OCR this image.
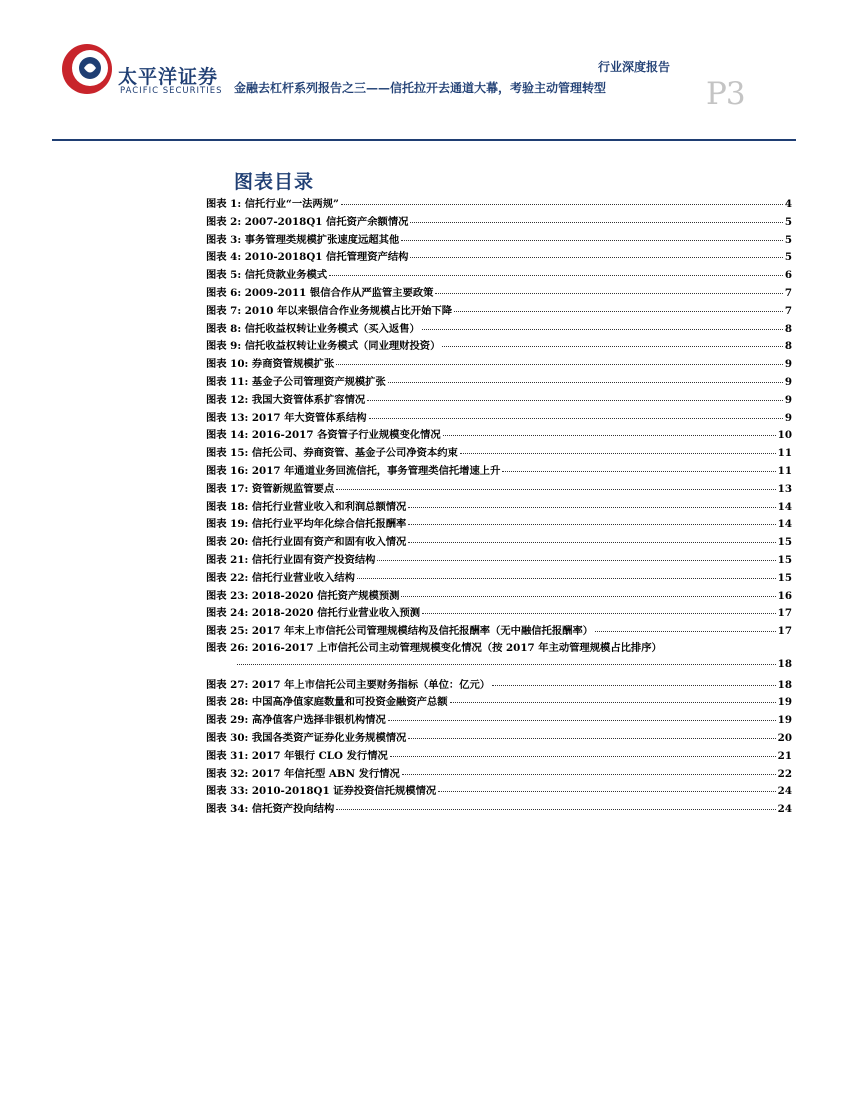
太平洋证券
PACIFIC SECURITIES
行业深度报告
金融去杠杆系列报告之三——信托拉开去通道大幕，考验主动管理转型	P3
图表目录
图表 1: 信托行业“一法两规”	4
图表 2: 2007-2018Q1 信托资产余额情况	5
图表 3: 事务管理类规模扩张速度远超其他	5
图表 4: 2010-2018Q1 信托管理资产结构	5
图表 5: 信托贷款业务模式	6
图表 6: 2009-2011 银信合作从严监管主要政策	7
图表 7: 2010 年以来银信合作业务规模占比开始下降	7
图表 8: 信托收益权转让业务模式（买入返售）	8
图表 9: 信托收益权转让业务模式（同业理财投资）	8
图表 10: 券商资管规模扩张	9
图表 11: 基金子公司管理资产规模扩张	9
图表 12: 我国大资管体系扩容情况	9
图表 13: 2017 年大资管体系结构	9
图表 14: 2016-2017 各资管子行业规模变化情况	10
图表 15: 信托公司、券商资管、基金子公司净资本约束	11
图表 16: 2017 年通道业务回流信托，事务管理类信托增速上升	11
图表 17: 资管新规监管要点	13
图表 18: 信托行业营业收入和利润总额情况	14
图表 19: 信托行业平均年化综合信托报酬率	14
图表 20: 信托行业固有资产和固有收入情况	15
图表 21: 信托行业固有资产投资结构	15
图表 22: 信托行业营业收入结构	15
图表 23: 2018-2020 信托资产规模预测	16
图表 24: 2018-2020 信托行业营业收入预测	17
图表 25: 2017 年末上市信托公司管理规模结构及信托报酬率（无中融信托报酬率）	17
图表 26: 2016-2017 上市信托公司主动管理规模变化情况（按 2017 年主动管理规模占比排序）
18
图表 27: 2017 年上市信托公司主要财务指标（单位：亿元）	18
图表 28: 中国高净值家庭数量和可投资金融资产总额	19
图表 29: 高净值客户选择非银机构情况	19
图表 30: 我国各类资产证券化业务规模情况	20
图表 31: 2017 年银行 CLO 发行情况	21
图表 32: 2017 年信托型 ABN 发行情况	22
图表 33: 2010-2018Q1 证券投资信托规模情况	24
图表 34: 信托资产投向结构	24
